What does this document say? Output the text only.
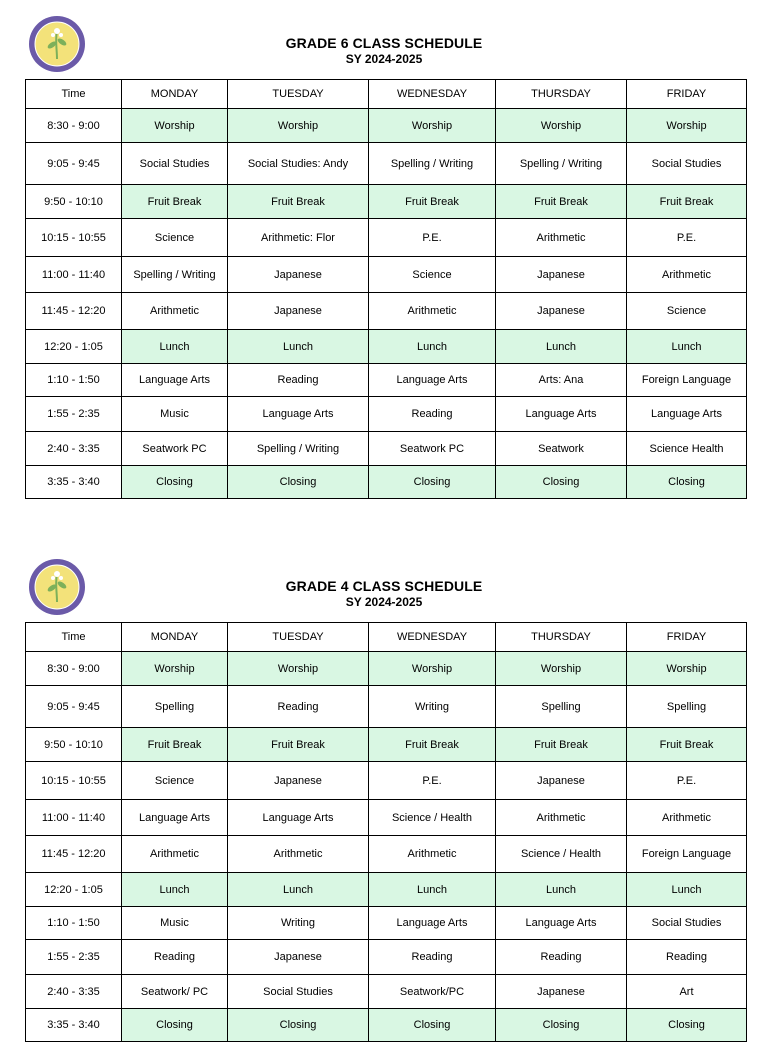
GRADE 6 CLASS SCHEDULE
SY 2024-2025
Time	MONDAY	TUESDAY	WEDNESDAY	THURSDAY	FRIDAY
8:30 - 9:00	Worship	Worship	Worship	Worship	Worship
9:05 - 9:45	Social Studies	Social Studies: Andy	Spelling / Writing	Spelling / Writing	Social Studies
9:50 - 10:10	Fruit Break	Fruit Break	Fruit Break	Fruit Break	Fruit Break
10:15 - 10:55	Science	Arithmetic: Flor	P.E.	Arithmetic	P.E.
11:00 - 11:40	Spelling / Writing	Japanese	Science	Japanese	Arithmetic
11:45 - 12:20	Arithmetic	Japanese	Arithmetic	Japanese	Science
12:20 - 1:05	Lunch	Lunch	Lunch	Lunch	Lunch
1:10 - 1:50	Language Arts	Reading	Language Arts	Arts: Ana	Foreign Language
1:55 - 2:35	Music	Language Arts	Reading	Language Arts	Language Arts
2:40 - 3:35	Seatwork PC	Spelling / Writing	Seatwork PC	Seatwork	Science Health
3:35 - 3:40	Closing	Closing	Closing	Closing	Closing
GRADE 4 CLASS SCHEDULE
SY 2024-2025
Time	MONDAY	TUESDAY	WEDNESDAY	THURSDAY	FRIDAY
8:30 - 9:00	Worship	Worship	Worship	Worship	Worship
9:05 - 9:45	Spelling	Reading	Writing	Spelling	Spelling
9:50 - 10:10	Fruit Break	Fruit Break	Fruit Break	Fruit Break	Fruit Break
10:15 - 10:55	Science	Japanese	P.E.	Japanese	P.E.
11:00 - 11:40	Language Arts	Language Arts	Science / Health	Arithmetic	Arithmetic
11:45 - 12:20	Arithmetic	Arithmetic	Arithmetic	Science / Health	Foreign Language
12:20 - 1:05	Lunch	Lunch	Lunch	Lunch	Lunch
1:10 - 1:50	Music	Writing	Language Arts	Language Arts	Social Studies
1:55 - 2:35	Reading	Japanese	Reading	Reading	Reading
2:40 - 3:35	Seatwork/ PC	Social Studies	Seatwork/PC	Japanese	Art
3:35 - 3:40	Closing	Closing	Closing	Closing	Closing
